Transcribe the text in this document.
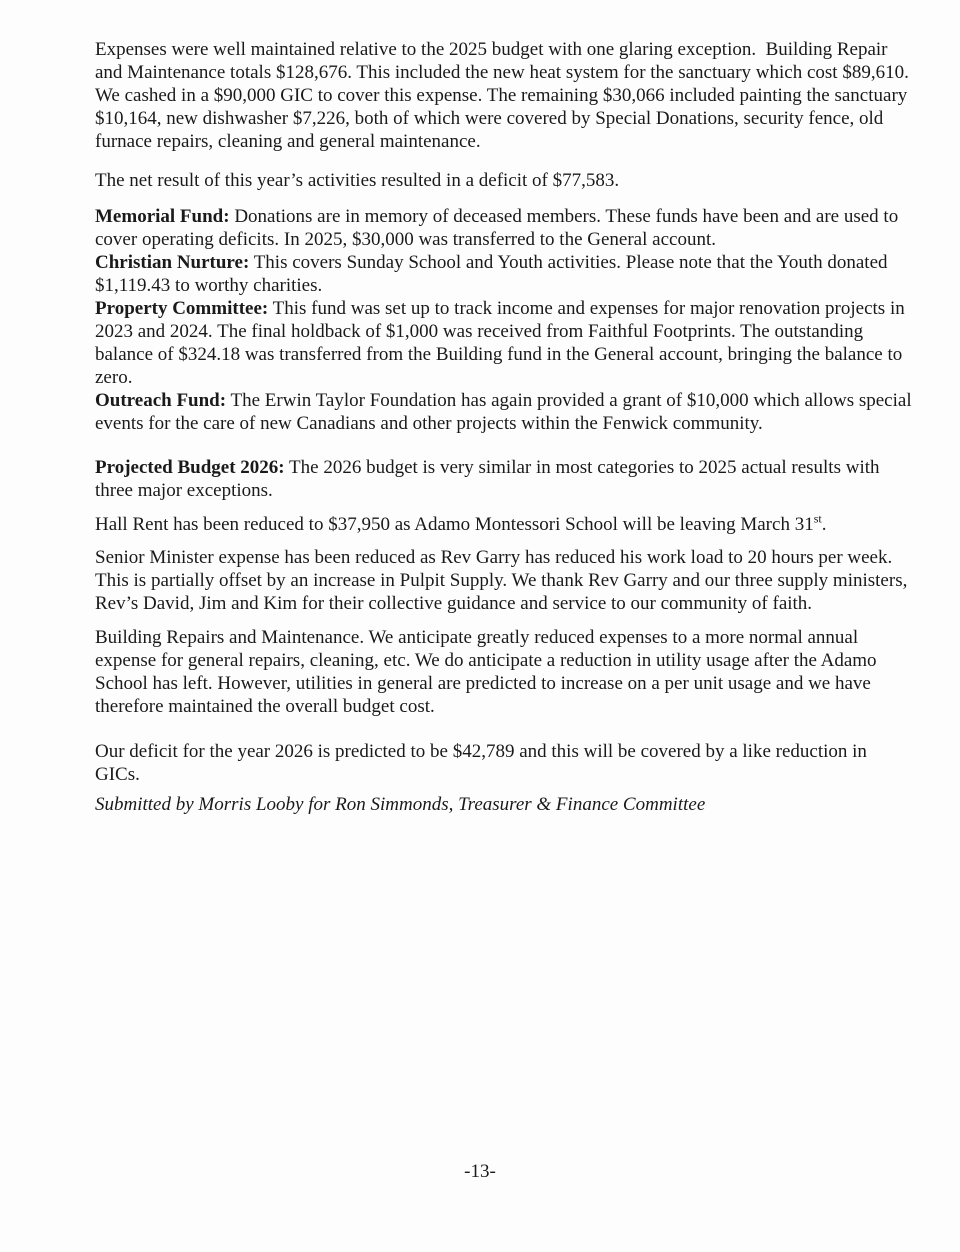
Expenses were well maintained relative to the 2025 budget with one glaring exception.  Building Repair and Maintenance totals $128,676. This included the new heat system for the sanctuary which cost $89,610. We cashed in a $90,000 GIC to cover this expense. The remaining $30,066 included painting the sanctuary $10,164, new dishwasher $7,226, both of which were covered by Special Donations, security fence, old furnace repairs, cleaning and general maintenance.

The net result of this year’s activities resulted in a deficit of $77,583.

Memorial Fund: Donations are in memory of deceased members. These funds have been and are used to cover operating deficits. In 2025, $30,000 was transferred to the General account.

Christian Nurture: This covers Sunday School and Youth activities. Please note that the Youth donated $1,119.43 to worthy charities.

Property Committee: This fund was set up to track income and expenses for major renovation projects in 2023 and 2024. The final holdback of $1,000 was received from Faithful Footprints. The outstanding balance of $324.18 was transferred from the Building fund in the General account, bringing the balance to zero.

Outreach Fund: The Erwin Taylor Foundation has again provided a grant of $10,000 which allows special events for the care of new Canadians and other projects within the Fenwick community.

Projected Budget 2026: The 2026 budget is very similar in most categories to 2025 actual results with three major exceptions.

Hall Rent has been reduced to $37,950 as Adamo Montessori School will be leaving March 31st.

Senior Minister expense has been reduced as Rev Garry has reduced his work load to 20 hours per week. This is partially offset by an increase in Pulpit Supply. We thank Rev Garry and our three supply ministers, Rev’s David, Jim and Kim for their collective guidance and service to our community of faith.

Building Repairs and Maintenance. We anticipate greatly reduced expenses to a more normal annual expense for general repairs, cleaning, etc. We do anticipate a reduction in utility usage after the Adamo School has left. However, utilities in general are predicted to increase on a per unit usage and we have therefore maintained the overall budget cost.

Our deficit for the year 2026 is predicted to be $42,789 and this will be covered by a like reduction in GICs.

Submitted by Morris Looby for Ron Simmonds, Treasurer & Finance Committee

-13-
